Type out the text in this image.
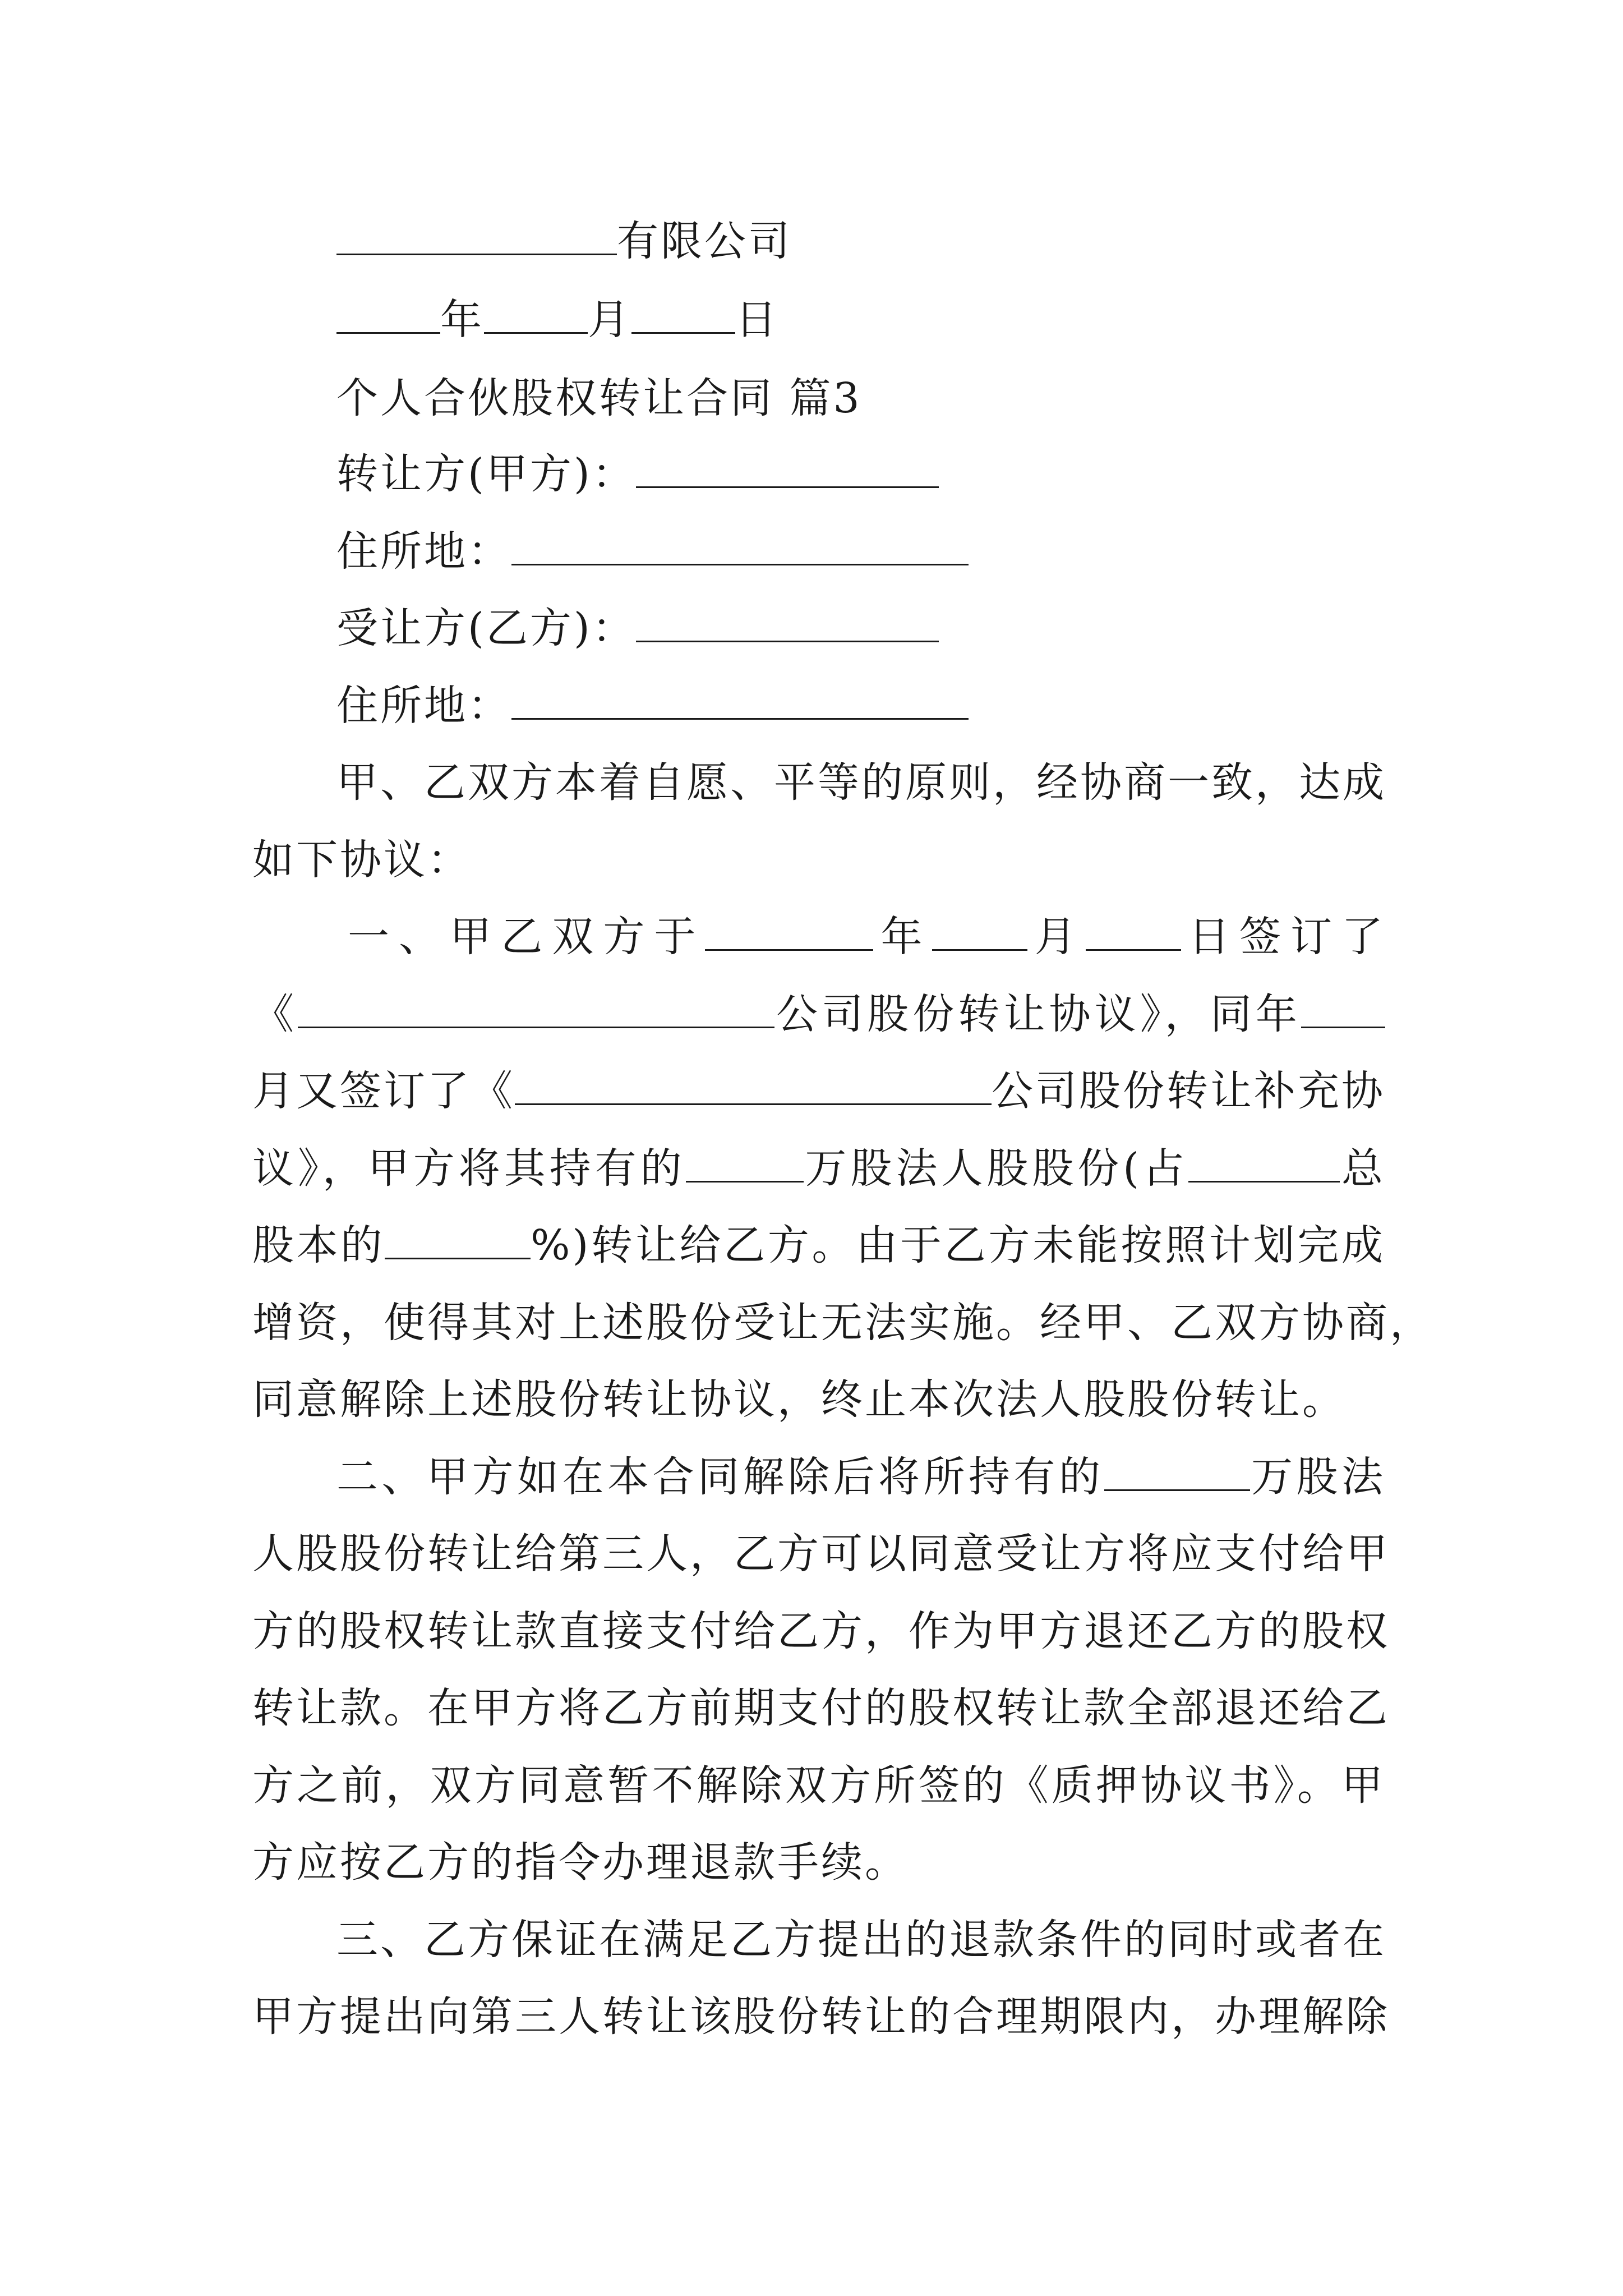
有限公司
年	月	日
个人合伙股权转让合同 篇3
转让方(甲方)：
住所地：
受让方(乙方)：
住所地：
甲、乙双方本着自愿、平等的原则，经协商一致，达成
如下协议：
一、甲乙双方于	年 月 日签订了
《	公司股份转让协议》，同年
月又签订了《	公司股份转让补充协
议》，甲方将其持有的	万股法人股股份(占	总
股本的	%)转让给乙方。由于乙方未能按照计划完成
增资，使得其对上述股份受让无法实施。经甲、乙双方协商，
同意解除上述股份转让协议，终止本次法人股股份转让。
二、甲方如在本合同解除后将所持有的	万股法
人股股份转让给第三人，乙方可以同意受让方将应支付给甲
方的股权转让款直接支付给乙方，作为甲方退还乙方的股权
转让款。在甲方将乙方前期支付的股权转让款全部退还给乙
方之前，双方同意暂不解除双方所签的《质押协议书》。甲
方应按乙方的指令办理退款手续。
三、乙方保证在满足乙方提出的退款条件的同时或者在
甲方提出向第三人转让该股份转让的合理期限内，办理解除
